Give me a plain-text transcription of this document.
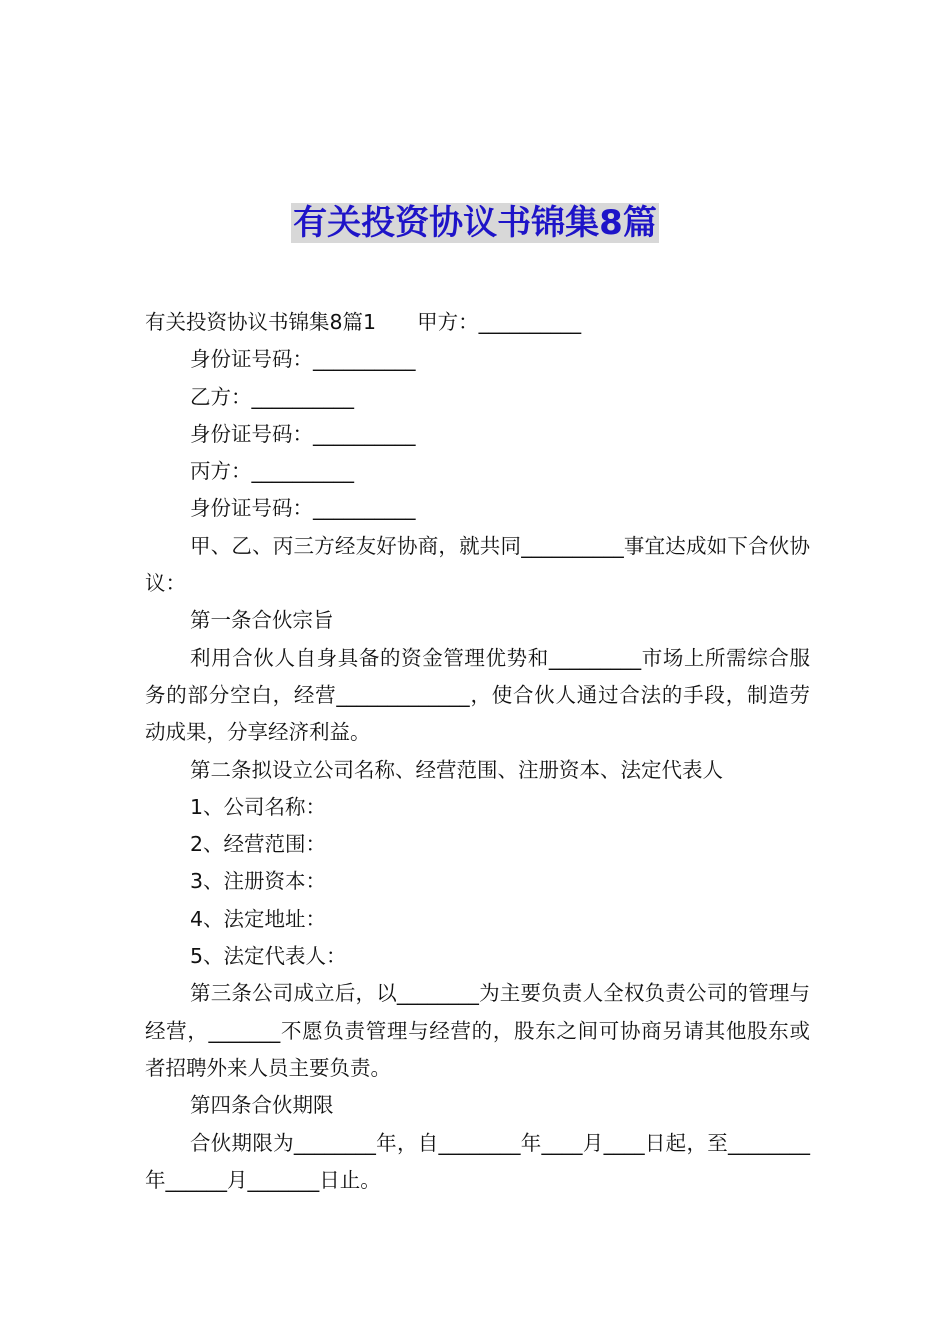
有关投资协议书锦集8篇

有关投资协议书锦集8篇1　　甲方：__________

身份证号码：__________

乙方：__________

身份证号码：__________

丙方：__________

身份证号码：__________

甲、乙、丙三方经友好协商，就共同__________事宜达成如下合伙协议：

第一条合伙宗旨

利用合伙人自身具备的资金管理优势和_________市场上所需综合服务的部分空白，经营_____________，使合伙人通过合法的手段，制造劳动成果，分享经济利益。

第二条拟设立公司名称、经营范围、注册资本、法定代表人

1、公司名称：

2、经营范围：

3、注册资本：

4、法定地址：

5、法定代表人：

第三条公司成立后，以________为主要负责人全权负责公司的管理与经营，_______不愿负责管理与经营的，股东之间可协商另请其他股东或者招聘外来人员主要负责。

第四条合伙期限

合伙期限为________年，自________年____月____日起，至________年______月_______日止。
